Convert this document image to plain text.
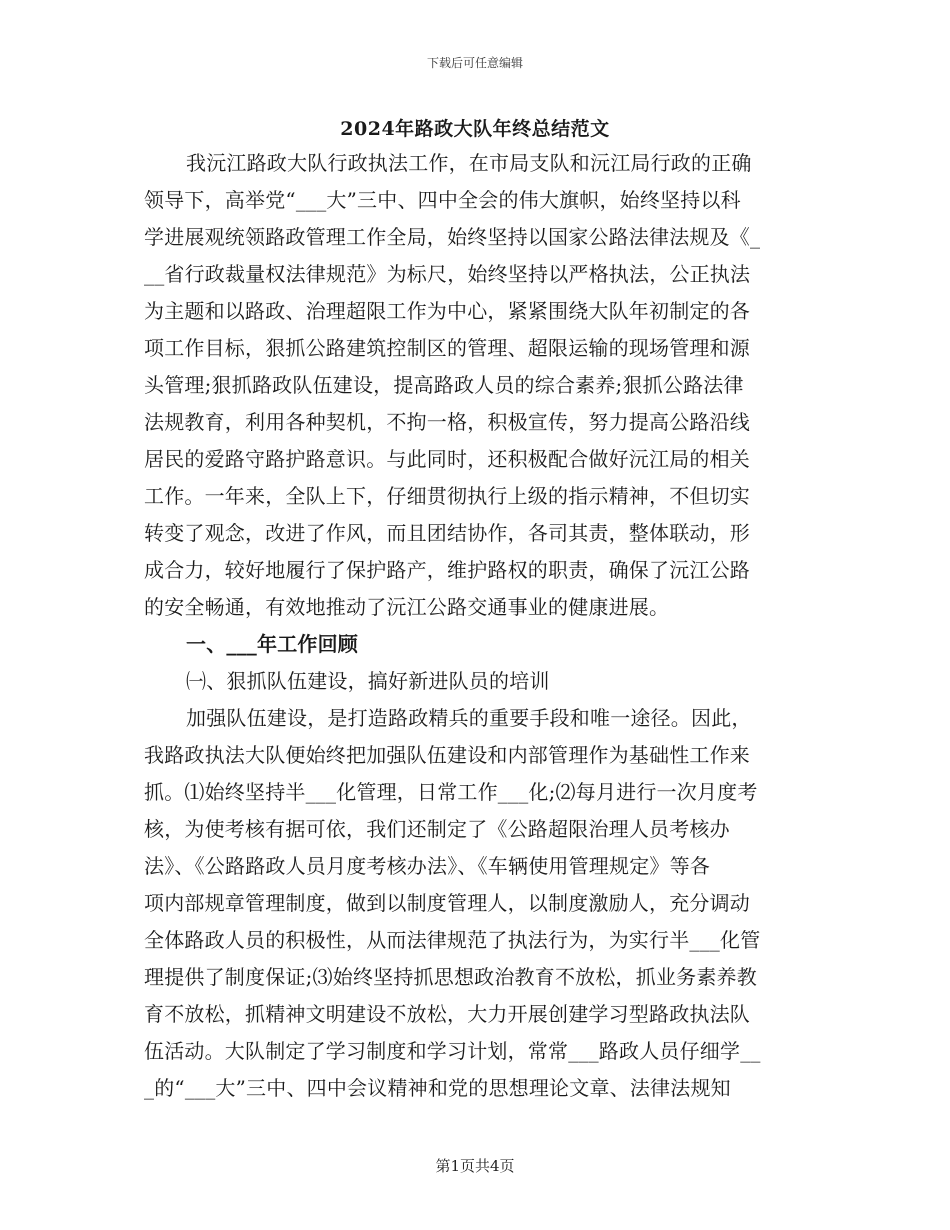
下载后可任意编辑
2024年路政大队年终总结范文
我沅江路政大队行政执法工作，在市局支队和沅江局行政的正确
领导下，高举党“___大”三中、四中全会的伟大旗帜，始终坚持以科
学进展观统领路政管理工作全局，始终坚持以国家公路法律法规及《_
__省行政裁量权法律规范》为标尺，始终坚持以严格执法，公正执法
为主题和以路政、治理超限工作为中心，紧紧围绕大队年初制定的各
项工作目标，狠抓公路建筑控制区的管理、超限运输的现场管理和源
头管理;狠抓路政队伍建设，提高路政人员的综合素养;狠抓公路法律
法规教育，利用各种契机，不拘一格，积极宣传，努力提高公路沿线
居民的爱路守路护路意识。与此同时，还积极配合做好沅江局的相关
工作。一年来，全队上下，仔细贯彻执行上级的指示精神，不但切实
转变了观念，改进了作风，而且团结协作，各司其责，整体联动，形
成合力，较好地履行了保护路产，维护路权的职责，确保了沅江公路
的安全畅通，有效地推动了沅江公路交通事业的健康进展。
一、___年工作回顾
㈠、狠抓队伍建设，搞好新进队员的培训
加强队伍建设，是打造路政精兵的重要手段和唯一途径。因此，
我路政执法大队便始终把加强队伍建设和内部管理作为基础性工作来
抓。⑴始终坚持半___化管理，日常工作___化;⑵每月进行一次月度考
核，为使考核有据可依，我们还制定了《公路超限治理人员考核办
法》、《公路路政人员月度考核办法》、《车辆使用管理规定》等各
项内部规章管理制度，做到以制度管理人，以制度激励人，充分调动
全体路政人员的积极性，从而法律规范了执法行为，为实行半___化管
理提供了制度保证;⑶始终坚持抓思想政治教育不放松，抓业务素养教
育不放松，抓精神文明建设不放松，大力开展创建学习型路政执法队
伍活动。大队制定了学习制度和学习计划，常常___路政人员仔细学__
_的“___大”三中、四中会议精神和党的思想理论文章、法律法规知
第1页共4页
